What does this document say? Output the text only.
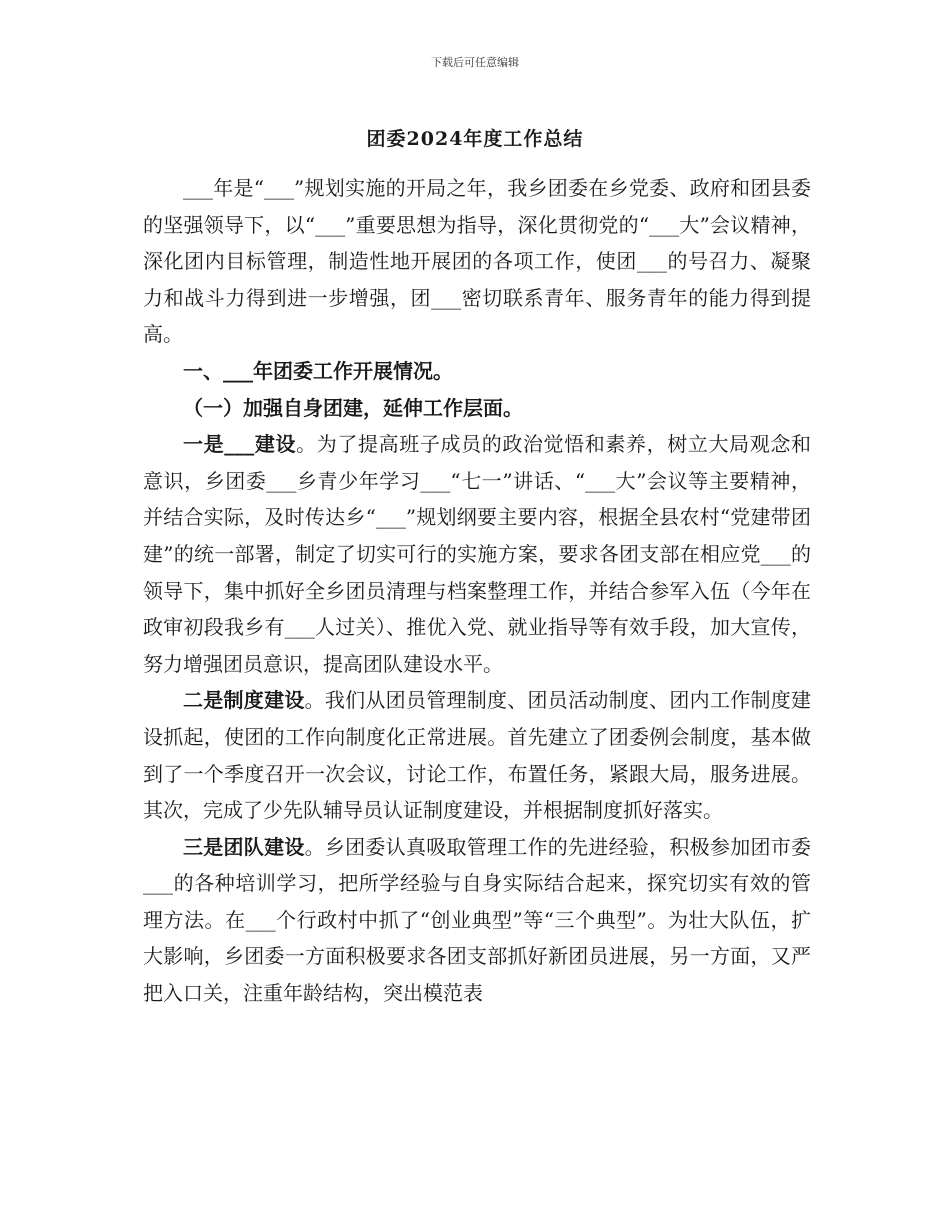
下载后可任意编辑
团委2024年度工作总结

___年是“___”规划实施的开局之年，我乡团委在乡党委、政府和团县委的坚强领导下，以“___”重要思想为指导，深化贯彻党的“___大”会议精神，深化团内目标管理，制造性地开展团的各项工作，使团___的号召力、凝聚力和战斗力得到进一步增强，团___密切联系青年、服务青年的能力得到提高。

一、___年团委工作开展情况。

（一）加强自身团建，延伸工作层面。

一是___建设。为了提高班子成员的政治觉悟和素养，树立大局观念和意识，乡团委___乡青少年学习___“七一”讲话、“___大”会议等主要精神，并结合实际，及时传达乡“___”规划纲要主要内容，根据全县农村“党建带团建”的统一部署，制定了切实可行的实施方案，要求各团支部在相应党___的领导下，集中抓好全乡团员清理与档案整理工作，并结合参军入伍（今年在政审初段我乡有___人过关）、推优入党、就业指导等有效手段，加大宣传，努力增强团员意识，提高团队建设水平。

二是制度建设。我们从团员管理制度、团员活动制度、团内工作制度建设抓起，使团的工作向制度化正常进展。首先建立了团委例会制度，基本做到了一个季度召开一次会议，讨论工作，布置任务，紧跟大局，服务进展。其次，完成了少先队辅导员认证制度建设，并根据制度抓好落实。

三是团队建设。乡团委认真吸取管理工作的先进经验，积极参加团市委___的各种培训学习，把所学经验与自身实际结合起来，探究切实有效的管理方法。在___个行政村中抓了“创业典型”等“三个典型”。为壮大队伍，扩大影响，乡团委一方面积极要求各团支部抓好新团员进展，另一方面，又严把入口关，注重年龄结构，突出模范表
